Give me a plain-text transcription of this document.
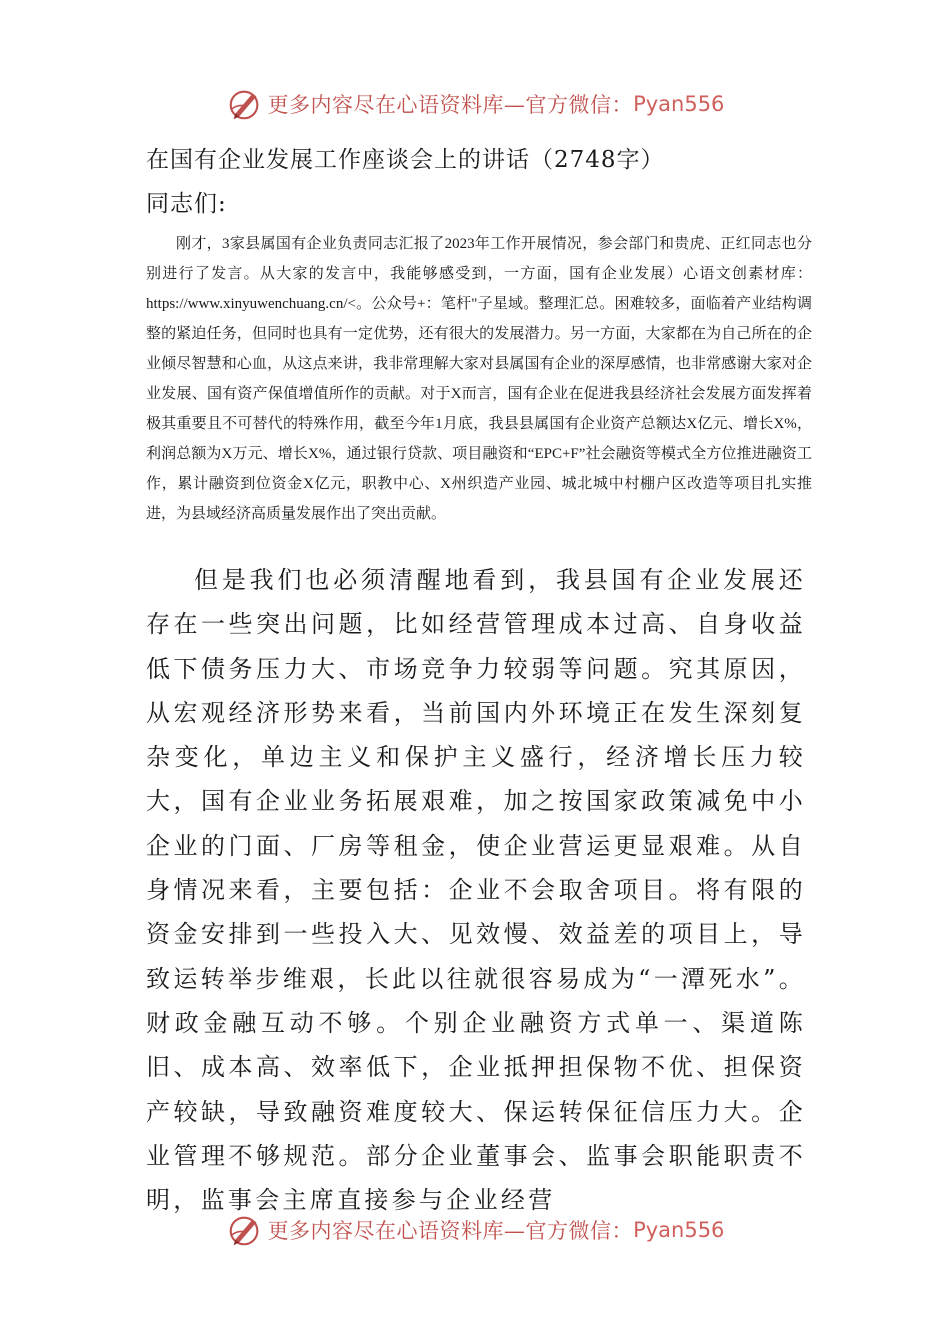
更多内容尽在心语资料库—官方微信： Pyan556
在国有企业发展工作座谈会上的讲话（2748字）
同志们:

刚才，3家县属国有企业负责同志汇报了2023年工作开展情况，参会部门和贵虎、正红同志也分别进行了发言。从大家的发言中，我能够感受到，一方面，国有企业发展）心语文创素材库：https://www.xinyuwenchuang.cn/<。公众号+：笔杆"子星域。整理汇总。困难较多，面临着产业结构调整的紧迫任务，但同时也具有一定优势，还有很大的发展潜力。另一方面，大家都在为自己所在的企业倾尽智慧和心血，从这点来讲，我非常理解大家对县属国有企业的深厚感情，也非常感谢大家对企业发展、国有资产保值增值所作的贡献。对于X而言，国有企业在促进我县经济社会发展方面发挥着极其重要且不可替代的特殊作用，截至今年1月底，我县县属国有企业资产总额达X亿元、增长X%，利润总额为X万元、增长X%，通过银行贷款、项目融资和“EPC+F”社会融资等模式全方位推进融资工作，累计融资到位资金X亿元，职教中心、X州织造产业园、城北城中村棚户区改造等项目扎实推进，为县域经济高质量发展作出了突出贡献。

但是我们也必须清醒地看到，我县国有企业发展还存在一些突出问题，比如经营管理成本过高、自身收益低下债务压力大、市场竞争力较弱等问题。究其原因，从宏观经济形势来看，当前国内外环境正在发生深刻复杂变化，单边主义和保护主义盛行，经济增长压力较大，国有企业业务拓展艰难，加之按国家政策减免中小企业的门面、厂房等租金，使企业营运更显艰难。从自身情况来看，主要包括：企业不会取舍项目。将有限的资金安排到一些投入大、见效慢、效益差的项目上，导致运转举步维艰，长此以往就很容易成为“一潭死水”。财政金融互动不够。个别企业融资方式单一、渠道陈旧、成本高、效率低下，企业抵押担保物不优、担保资产较缺，导致融资难度较大、保运转保征信压力大。企业管理不够规范。部分企业董事会、监事会职能职责不明，监事会主席直接参与企业经营

更多内容尽在心语资料库—官方微信： Pyan556
